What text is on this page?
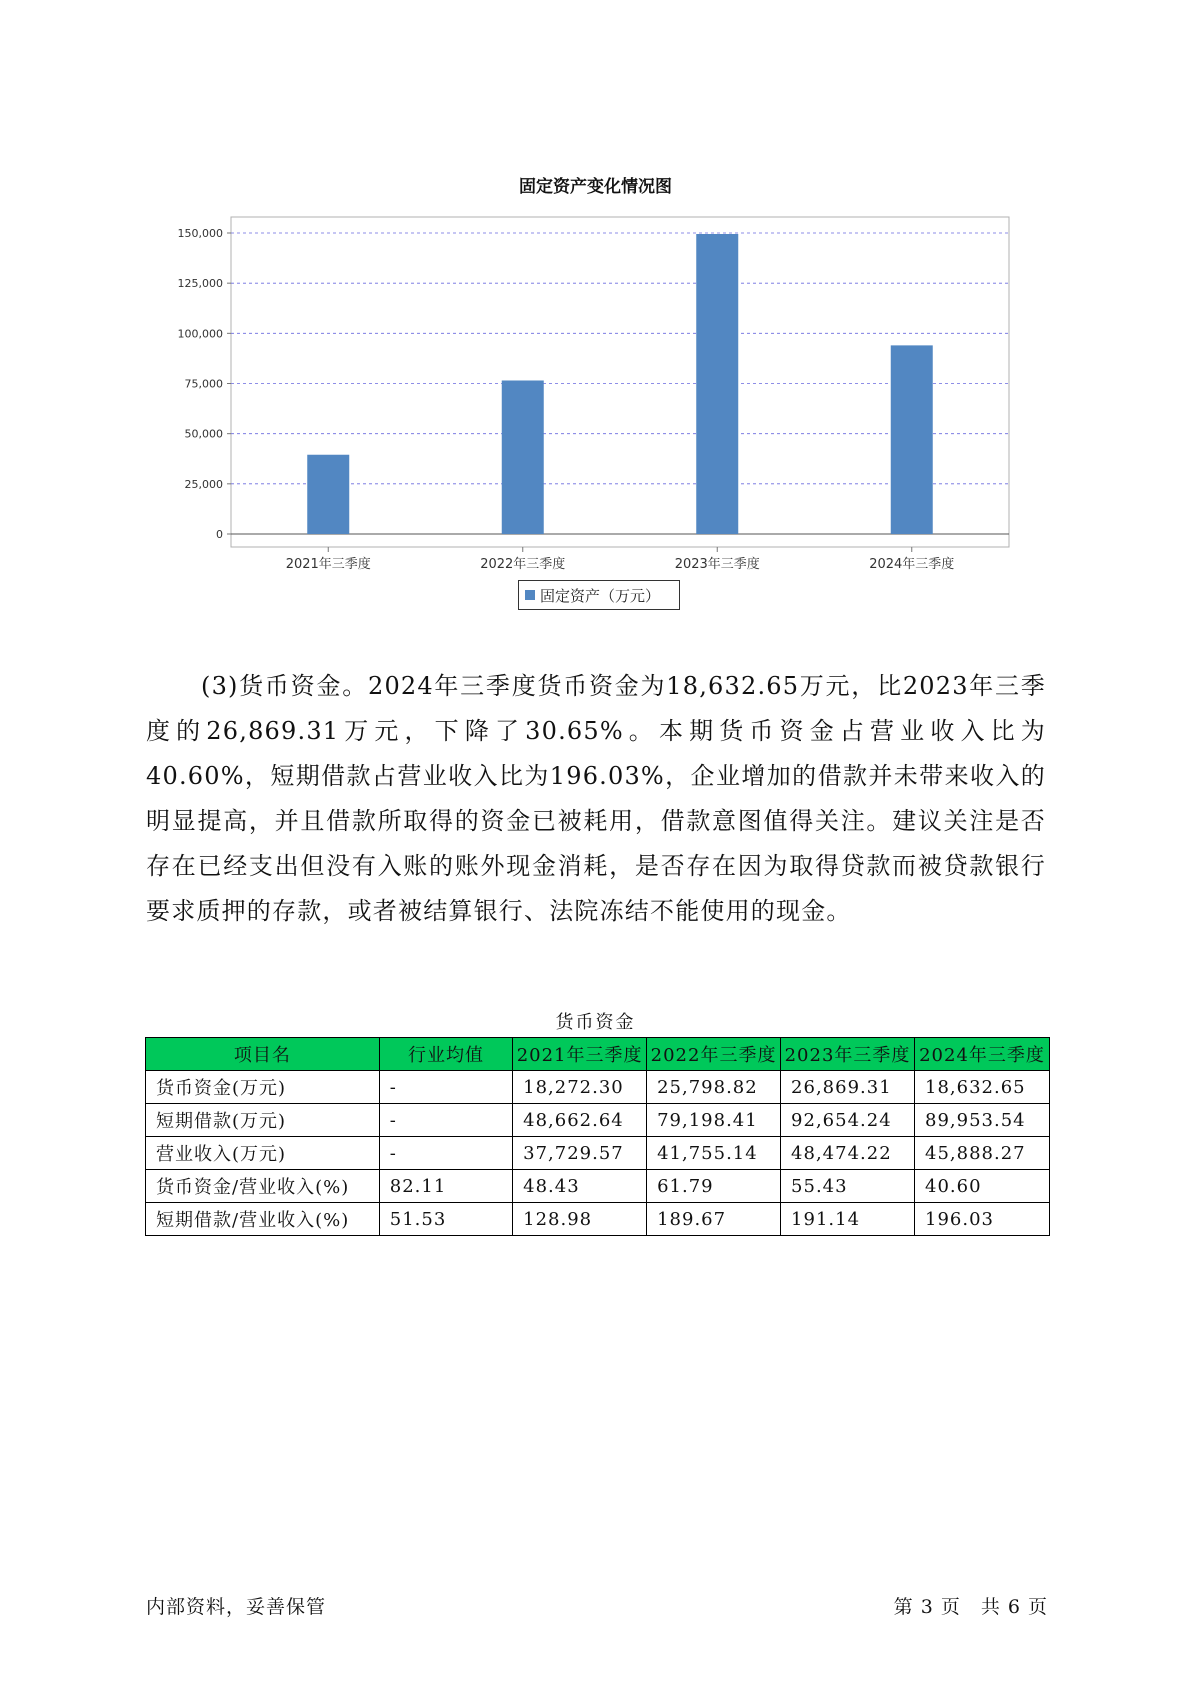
固定资产变化情况图
0
25,000
50,000
75,000
100,000
125,000
150,000
2021年三季度	2022年三季度	2023年三季度	2024年三季度
固定资产（万元）
(3)货币资金。2024年三季度货币资金为18,632.65万元，比2023年三季度的26,869.31万元，下降了30.65%。本期货币资金占营业收入比为40.60%，短期借款占营业收入比为196.03%，企业增加的借款并未带来收入的明显提高，并且借款所取得的资金已被耗用，借款意图值得关注。建议关注是否存在已经支出但没有入账的账外现金消耗，是否存在因为取得贷款而被贷款银行要求质押的存款，或者被结算银行、法院冻结不能使用的现金。
货币资金
项目名	行业均值	2021年三季度	2022年三季度	2023年三季度	2024年三季度
货币资金(万元)	-	18,272.30	25,798.82	26,869.31	18,632.65
短期借款(万元)	-	48,662.64	79,198.41	92,654.24	89,953.54
营业收入(万元)	-	37,729.57	41,755.14	48,474.22	45,888.27
货币资金/营业收入(%)	82.11	48.43	61.79	55.43	40.60
短期借款/营业收入(%)	51.53	128.98	189.67	191.14	196.03
内部资料，妥善保管	第 3 页　共 6 页
